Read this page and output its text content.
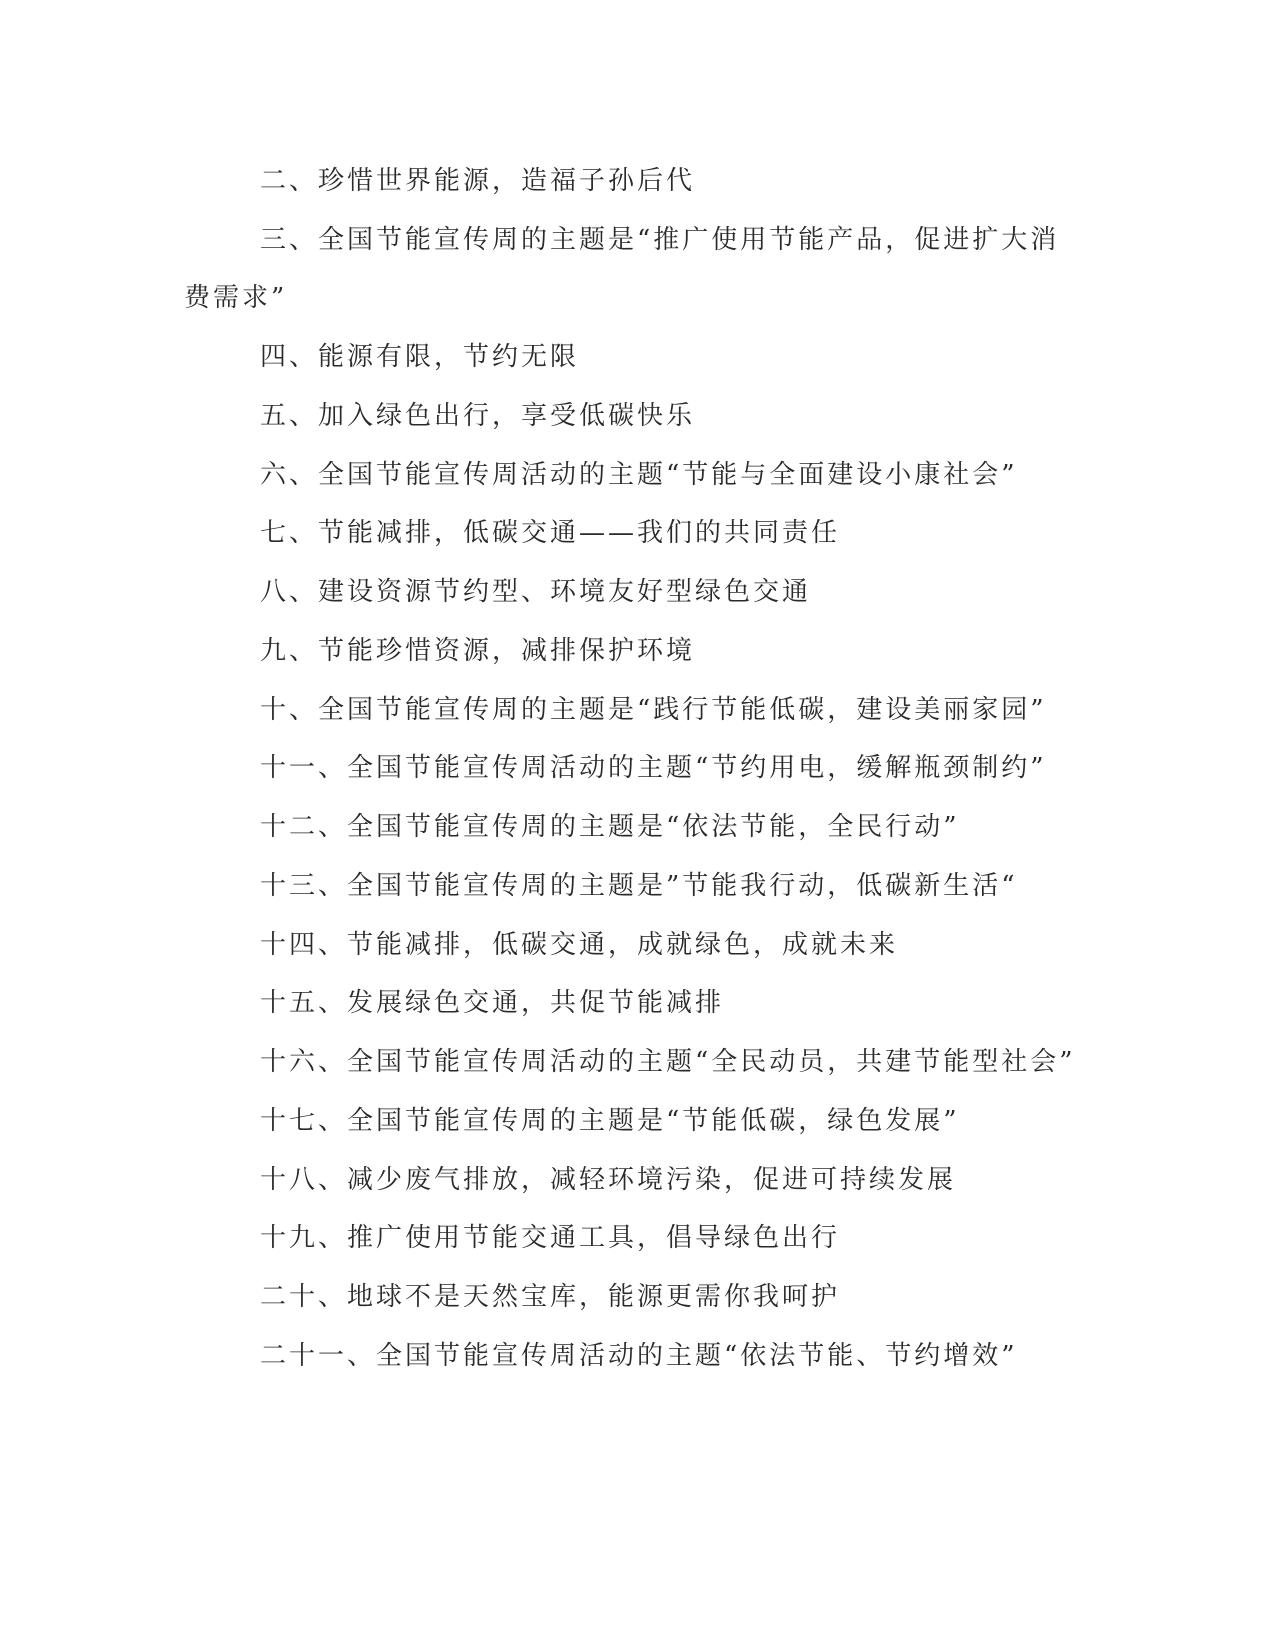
二、珍惜世界能源，造福子孙后代

三、全国节能宣传周的主题是“推广使用节能产品，促进扩大消费需求”

四、能源有限，节约无限

五、加入绿色出行，享受低碳快乐

六、全国节能宣传周活动的主题“节能与全面建设小康社会”

七、节能减排，低碳交通——我们的共同责任

八、建设资源节约型、环境友好型绿色交通

九、节能珍惜资源，减排保护环境

十、全国节能宣传周的主题是“践行节能低碳，建设美丽家园”

十一、全国节能宣传周活动的主题“节约用电，缓解瓶颈制约”

十二、全国节能宣传周的主题是“依法节能，全民行动”

十三、全国节能宣传周的主题是”节能我行动，低碳新生活“

十四、节能减排，低碳交通，成就绿色，成就未来

十五、发展绿色交通，共促节能减排

十六、全国节能宣传周活动的主题“全民动员，共建节能型社会”

十七、全国节能宣传周的主题是“节能低碳，绿色发展”

十八、减少废气排放，减轻环境污染，促进可持续发展

十九、推广使用节能交通工具，倡导绿色出行

二十、地球不是天然宝库，能源更需你我呵护

二十一、全国节能宣传周活动的主题“依法节能、节约增效”
